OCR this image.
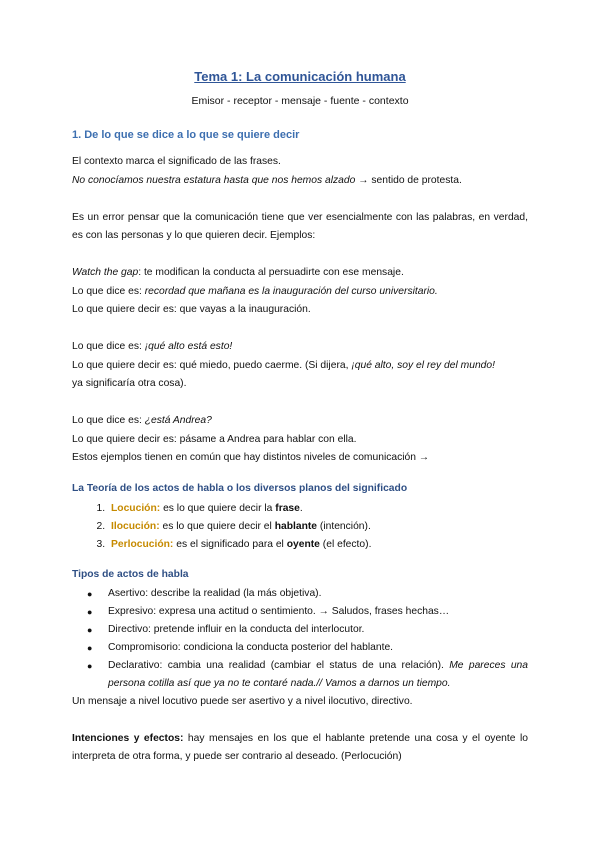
Tema 1: La comunicación humana

Emisor - receptor - mensaje - fuente - contexto

1. De lo que se dice a lo que se quiere decir

El contexto marca el significado de las frases.

No conocíamos nuestra estatura hasta que nos hemos alzado → sentido de protesta.

Es un error pensar que la comunicación tiene que ver esencialmente con las palabras, en verdad, es con las personas y lo que quieren decir. Ejemplos:

Watch the gap: te modifican la conducta al persuadirte con ese mensaje.

Lo que dice es: recordad que mañana es la inauguración del curso universitario.

Lo que quiere decir es: que vayas a la inauguración.

Lo que dice es: ¡qué alto está esto!

Lo que quiere decir es: qué miedo, puedo caerme. (Si dijera, ¡qué alto, soy el rey del mundo!

ya significaría otra cosa).

Lo que dice es: ¿está Andrea?

Lo que quiere decir es: pásame a Andrea para hablar con ella.

Estos ejemplos tienen en común que hay distintos niveles de comunicación →

La Teoría de los actos de habla o los diversos planos del significado
1. Locución: es lo que quiere decir la frase.
2. Ilocución: es lo que quiere decir el hablante (intención).
3. Perlocución: es el significado para el oyente (el efecto).
Tipos de actos de habla
● Asertivo: describe la realidad (la más objetiva).
● Expresivo: expresa una actitud o sentimiento. → Saludos, frases hechas…
● Directivo: pretende influir en la conducta del interlocutor.
● Compromisorio: condiciona la conducta posterior del hablante.
● Declarativo: cambia una realidad (cambiar el status de una relación). Me pareces una persona cotilla así que ya no te contaré nada.// Vamos a darnos un tiempo.

Un mensaje a nivel locutivo puede ser asertivo y a nivel ilocutivo, directivo.

Intenciones y efectos: hay mensajes en los que el hablante pretende una cosa y el oyente lo interpreta de otra forma, y puede ser contrario al deseado. (Perlocución)
